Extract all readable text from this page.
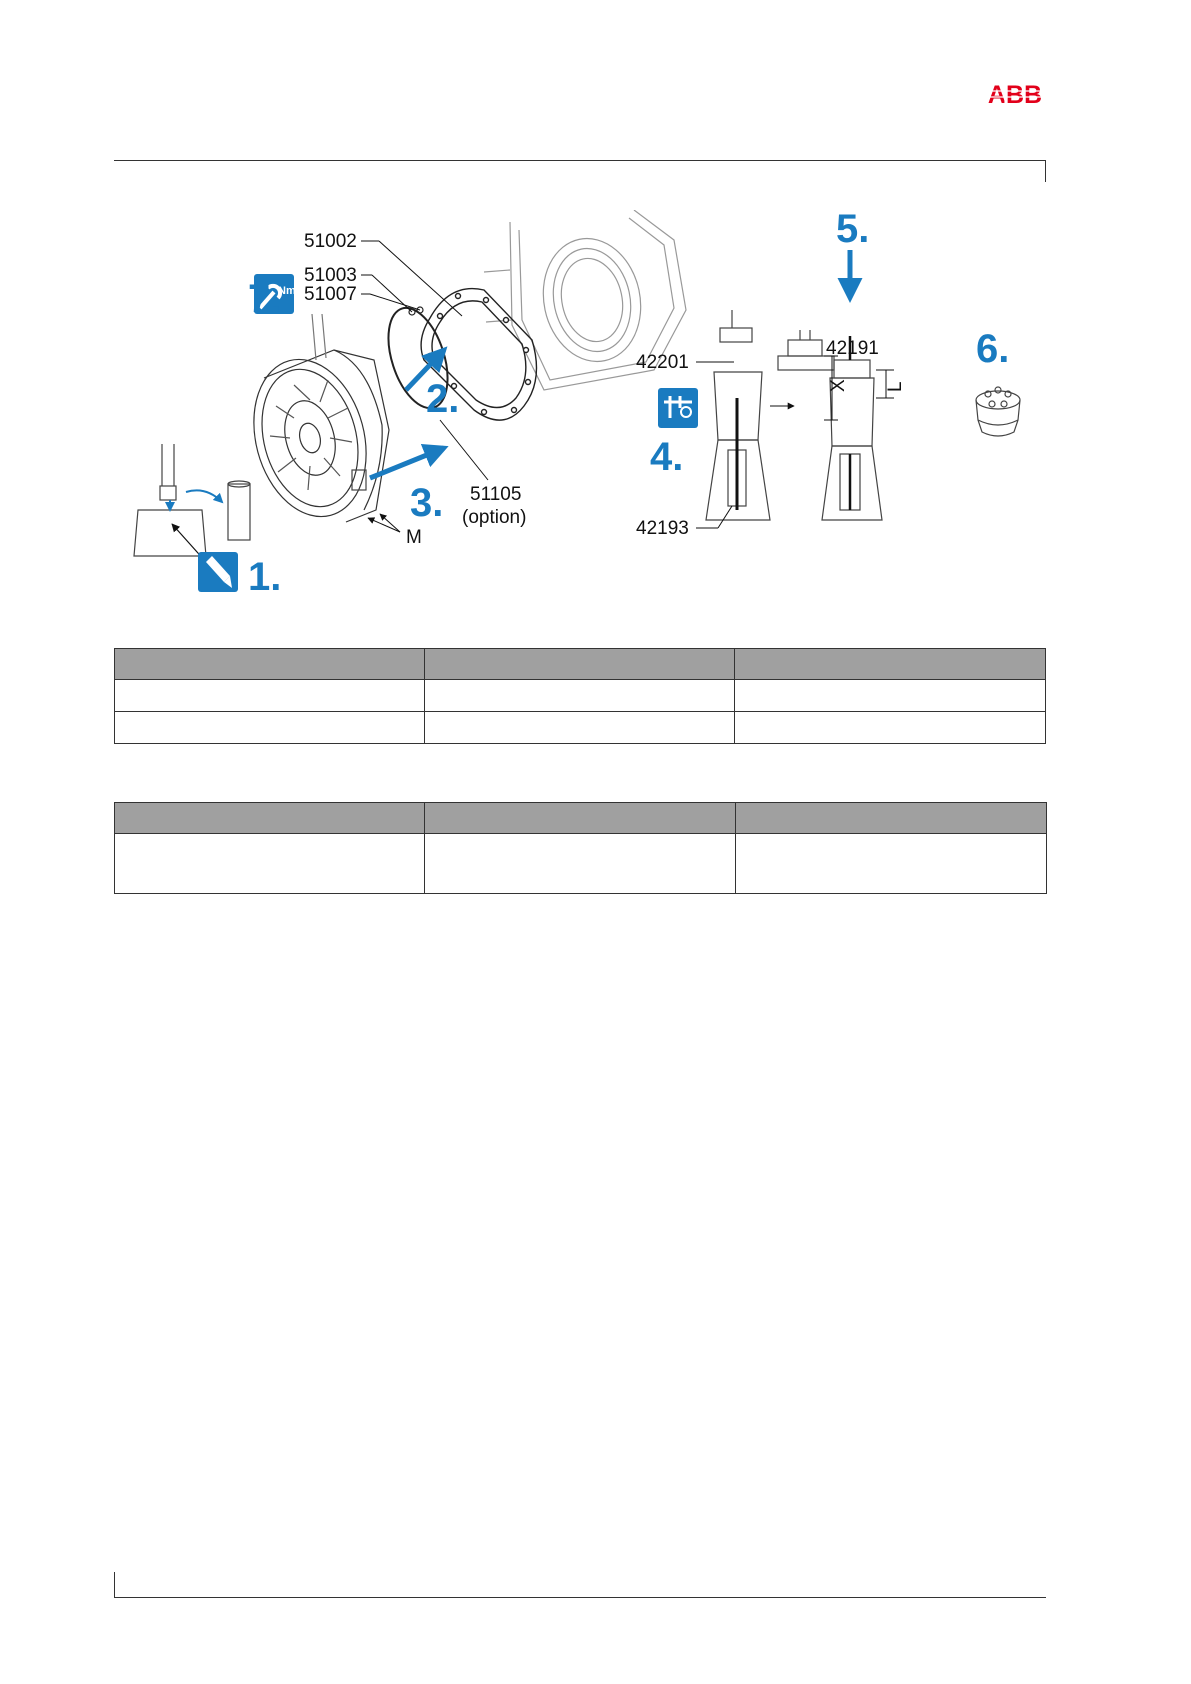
ABB
Nm
51002
51003
51007
51105
(option)
M
42201
42193
42191
X L
7.
1.
2.
3.
4.
5.
6.
